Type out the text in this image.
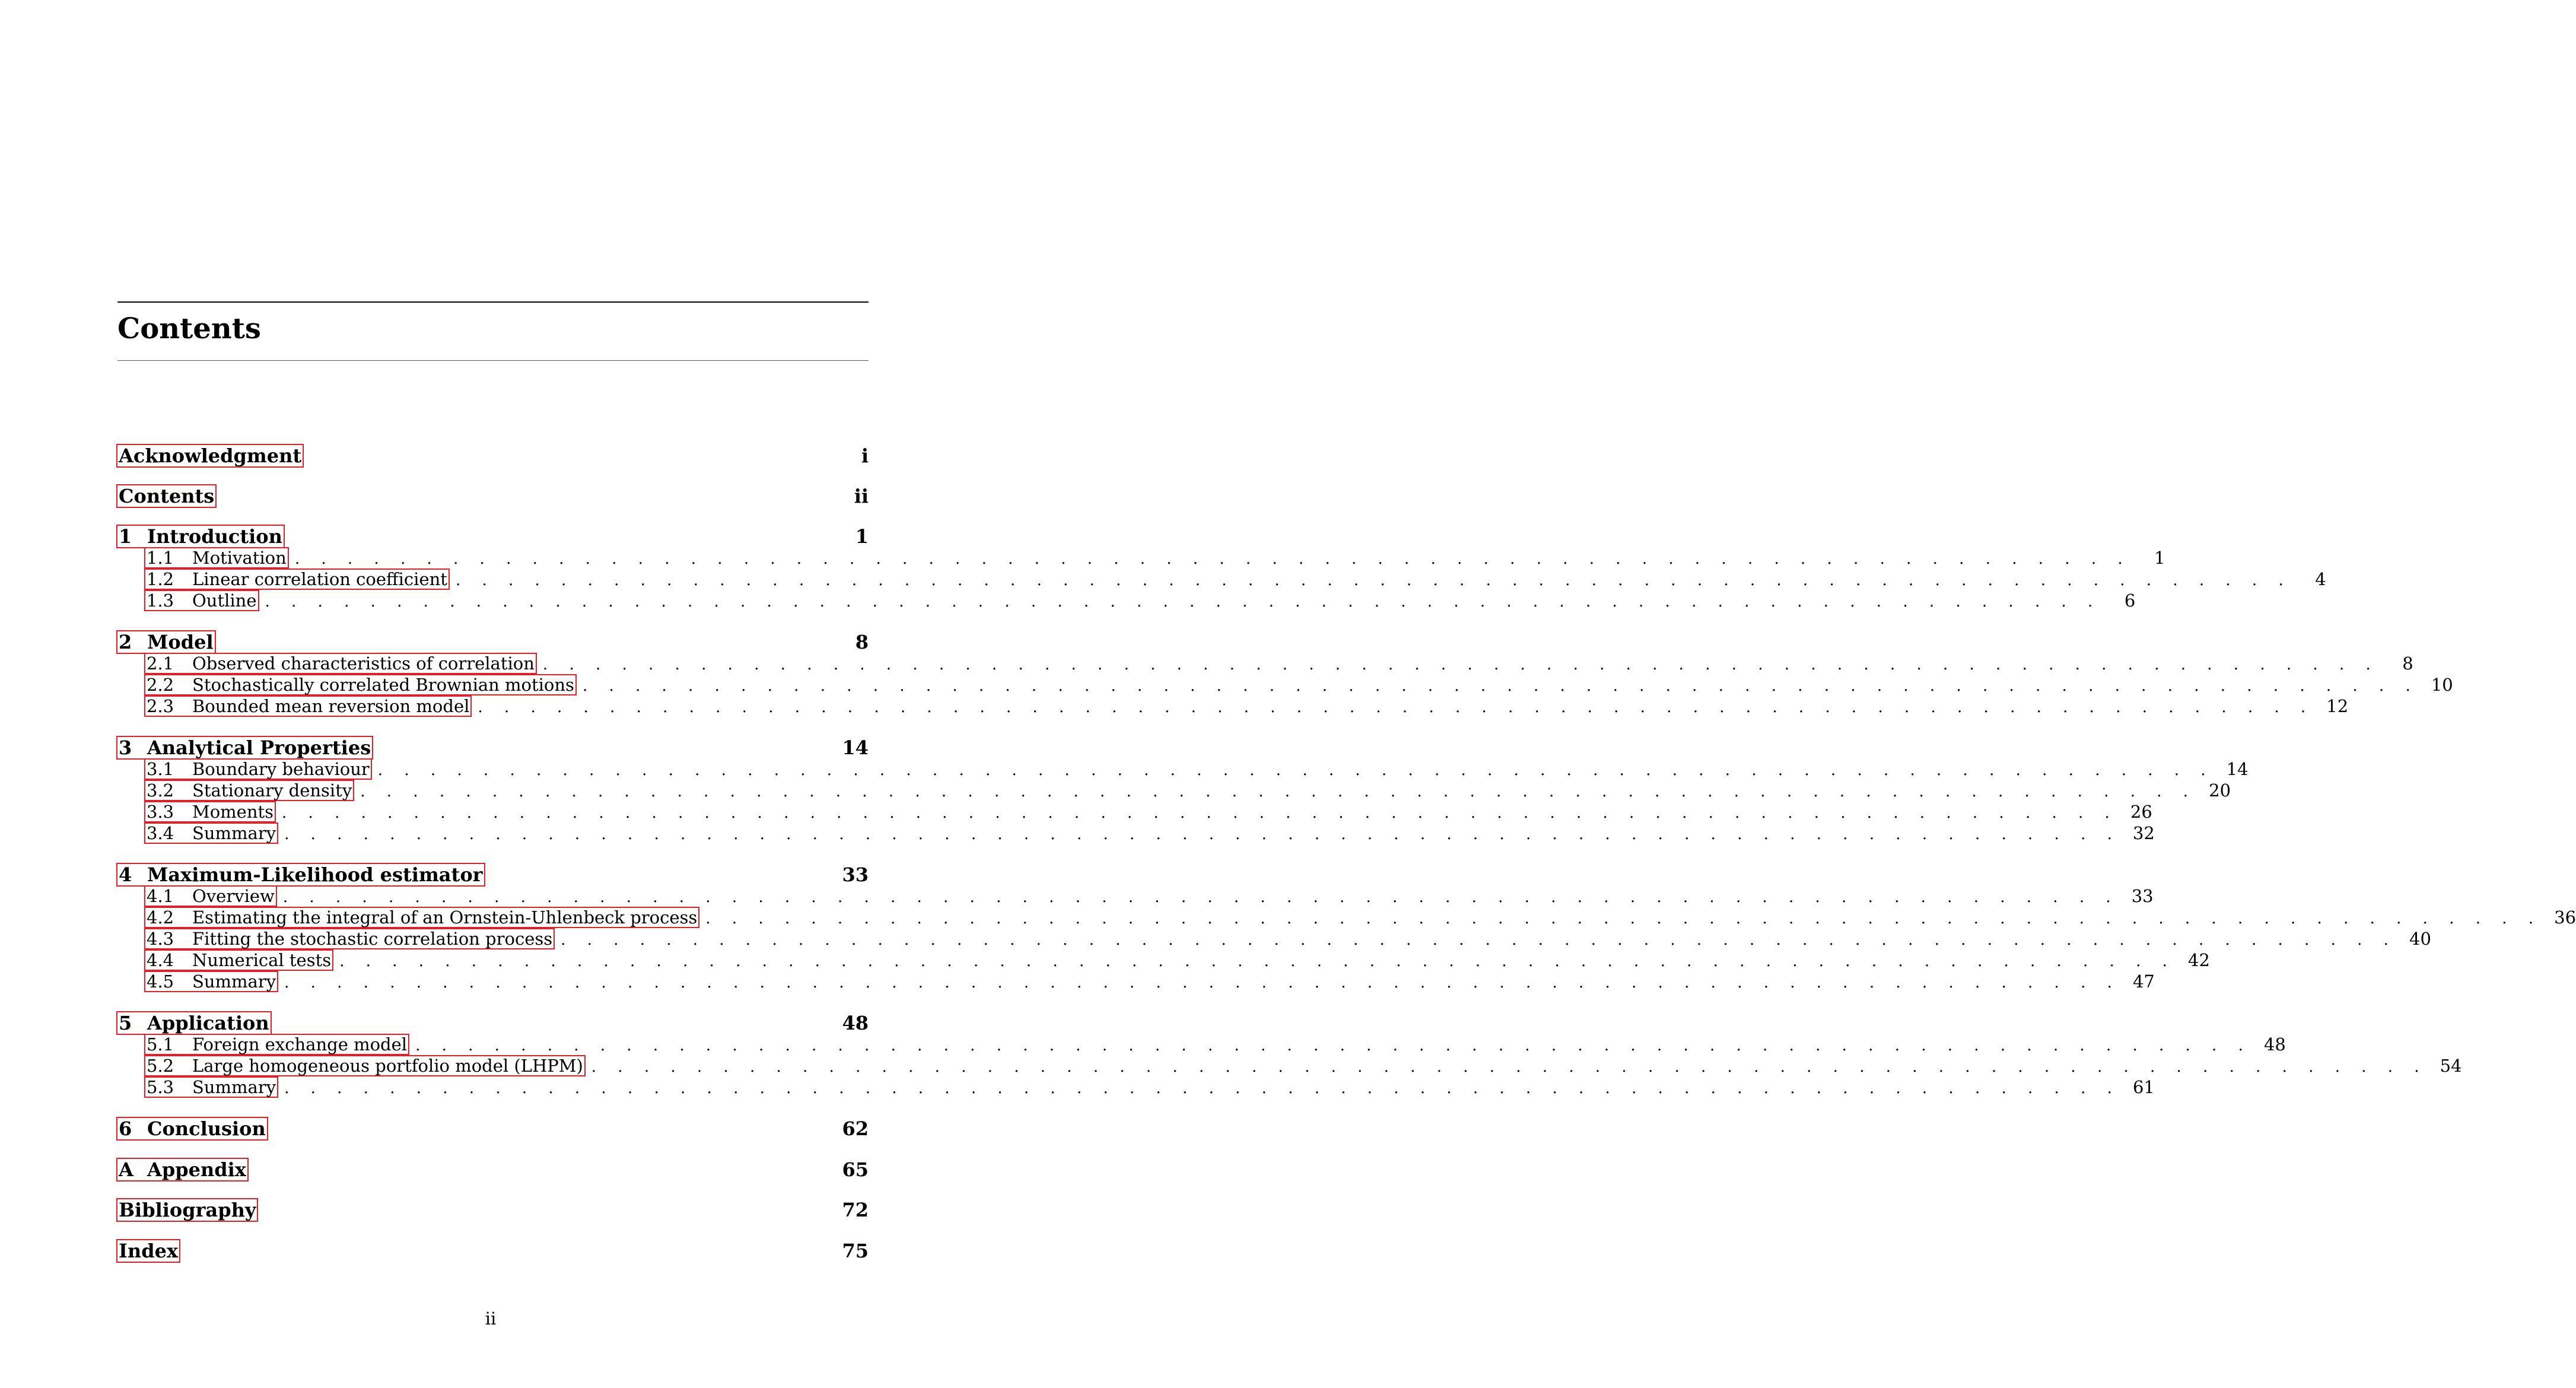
Contents
Acknowledgment	i
Contents	ii
1 Introduction	1
1.1	Motivation . . . . . . . . . . . . . . . . . . . . . . . . . . . . . . . . . . . . . . . . . . . . . . . . . . . . . . . . . . . . . . . . . . . . . .	1
1.2	Linear correlation coefficient . . . . . . . . . . . . . . . . . . . . . . . . . . . . . . . . . . . . . . . . . . . . . . . . . . . . . . . . . . . . . . . . . . . . . .	4
1.3	Outline . . . . . . . . . . . . . . . . . . . . . . . . . . . . . . . . . . . . . . . . . . . . . . . . . . . . . . . . . . . . . . . . . . . . . .	6
2 Model	8
2.1	Observed characteristics of correlation . . . . . . . . . . . . . . . . . . . . . . . . . . . . . . . . . . . . . . . . . . . . . . . . . . . . . . . . . . . . . . . . . . . . . .	8
2.2	Stochastically correlated Brownian motions . . . . . . . . . . . . . . . . . . . . . . . . . . . . . . . . . . . . . . . . . . . . . . . . . . . . . . . . . . . . . . . . . . . . . . 10
2.3	Bounded mean reversion model . . . . . . . . . . . . . . . . . . . . . . . . . . . . . . . . . . . . . . . . . . . . . . . . . . . . . . . . . . . . . . . . . . . . . . 12
3 Analytical Properties	14
3.1	Boundary behaviour . . . . . . . . . . . . . . . . . . . . . . . . . . . . . . . . . . . . . . . . . . . . . . . . . . . . . . . . . . . . . . . . . . . . . . 14
3.2	Stationary density . . . . . . . . . . . . . . . . . . . . . . . . . . . . . . . . . . . . . . . . . . . . . . . . . . . . . . . . . . . . . . . . . . . . . . 20
3.3	Moments . . . . . . . . . . . . . . . . . . . . . . . . . . . . . . . . . . . . . . . . . . . . . . . . . . . . . . . . . . . . . . . . . . . . . . 26
3.4	Summary . . . . . . . . . . . . . . . . . . . . . . . . . . . . . . . . . . . . . . . . . . . . . . . . . . . . . . . . . . . . . . . . . . . . . . 32
4 Maximum-Likelihood estimator	33
4.1	Overview . . . . . . . . . . . . . . . . . . . . . . . . . . . . . . . . . . . . . . . . . . . . . . . . . . . . . . . . . . . . . . . . . . . . . . 33
4.2	Estimating the integral of an Ornstein-Uhlenbeck process . . . . . . . . . . . . . . . . . . . . . . . . . . . . . . . . . . . . . . . . . . . . . . . . . . . . . . . . . . . . . . . . . . . . . . 36
4.3	Fitting the stochastic correlation process . . . . . . . . . . . . . . . . . . . . . . . . . . . . . . . . . . . . . . . . . . . . . . . . . . . . . . . . . . . . . . . . . . . . . . 40
4.4	Numerical tests . . . . . . . . . . . . . . . . . . . . . . . . . . . . . . . . . . . . . . . . . . . . . . . . . . . . . . . . . . . . . . . . . . . . . . 42
4.5	Summary . . . . . . . . . . . . . . . . . . . . . . . . . . . . . . . . . . . . . . . . . . . . . . . . . . . . . . . . . . . . . . . . . . . . . . 47
5 Application	48
5.1	Foreign exchange model . . . . . . . . . . . . . . . . . . . . . . . . . . . . . . . . . . . . . . . . . . . . . . . . . . . . . . . . . . . . . . . . . . . . . . 48
5.2	Large homogeneous portfolio model (LHPM) . . . . . . . . . . . . . . . . . . . . . . . . . . . . . . . . . . . . . . . . . . . . . . . . . . . . . . . . . . . . . . . . . . . . . . 54
5.3	Summary . . . . . . . . . . . . . . . . . . . . . . . . . . . . . . . . . . . . . . . . . . . . . . . . . . . . . . . . . . . . . . . . . . . . . . 61
6 Conclusion	62
A Appendix	65
Bibliography	72
Index	75
ii
